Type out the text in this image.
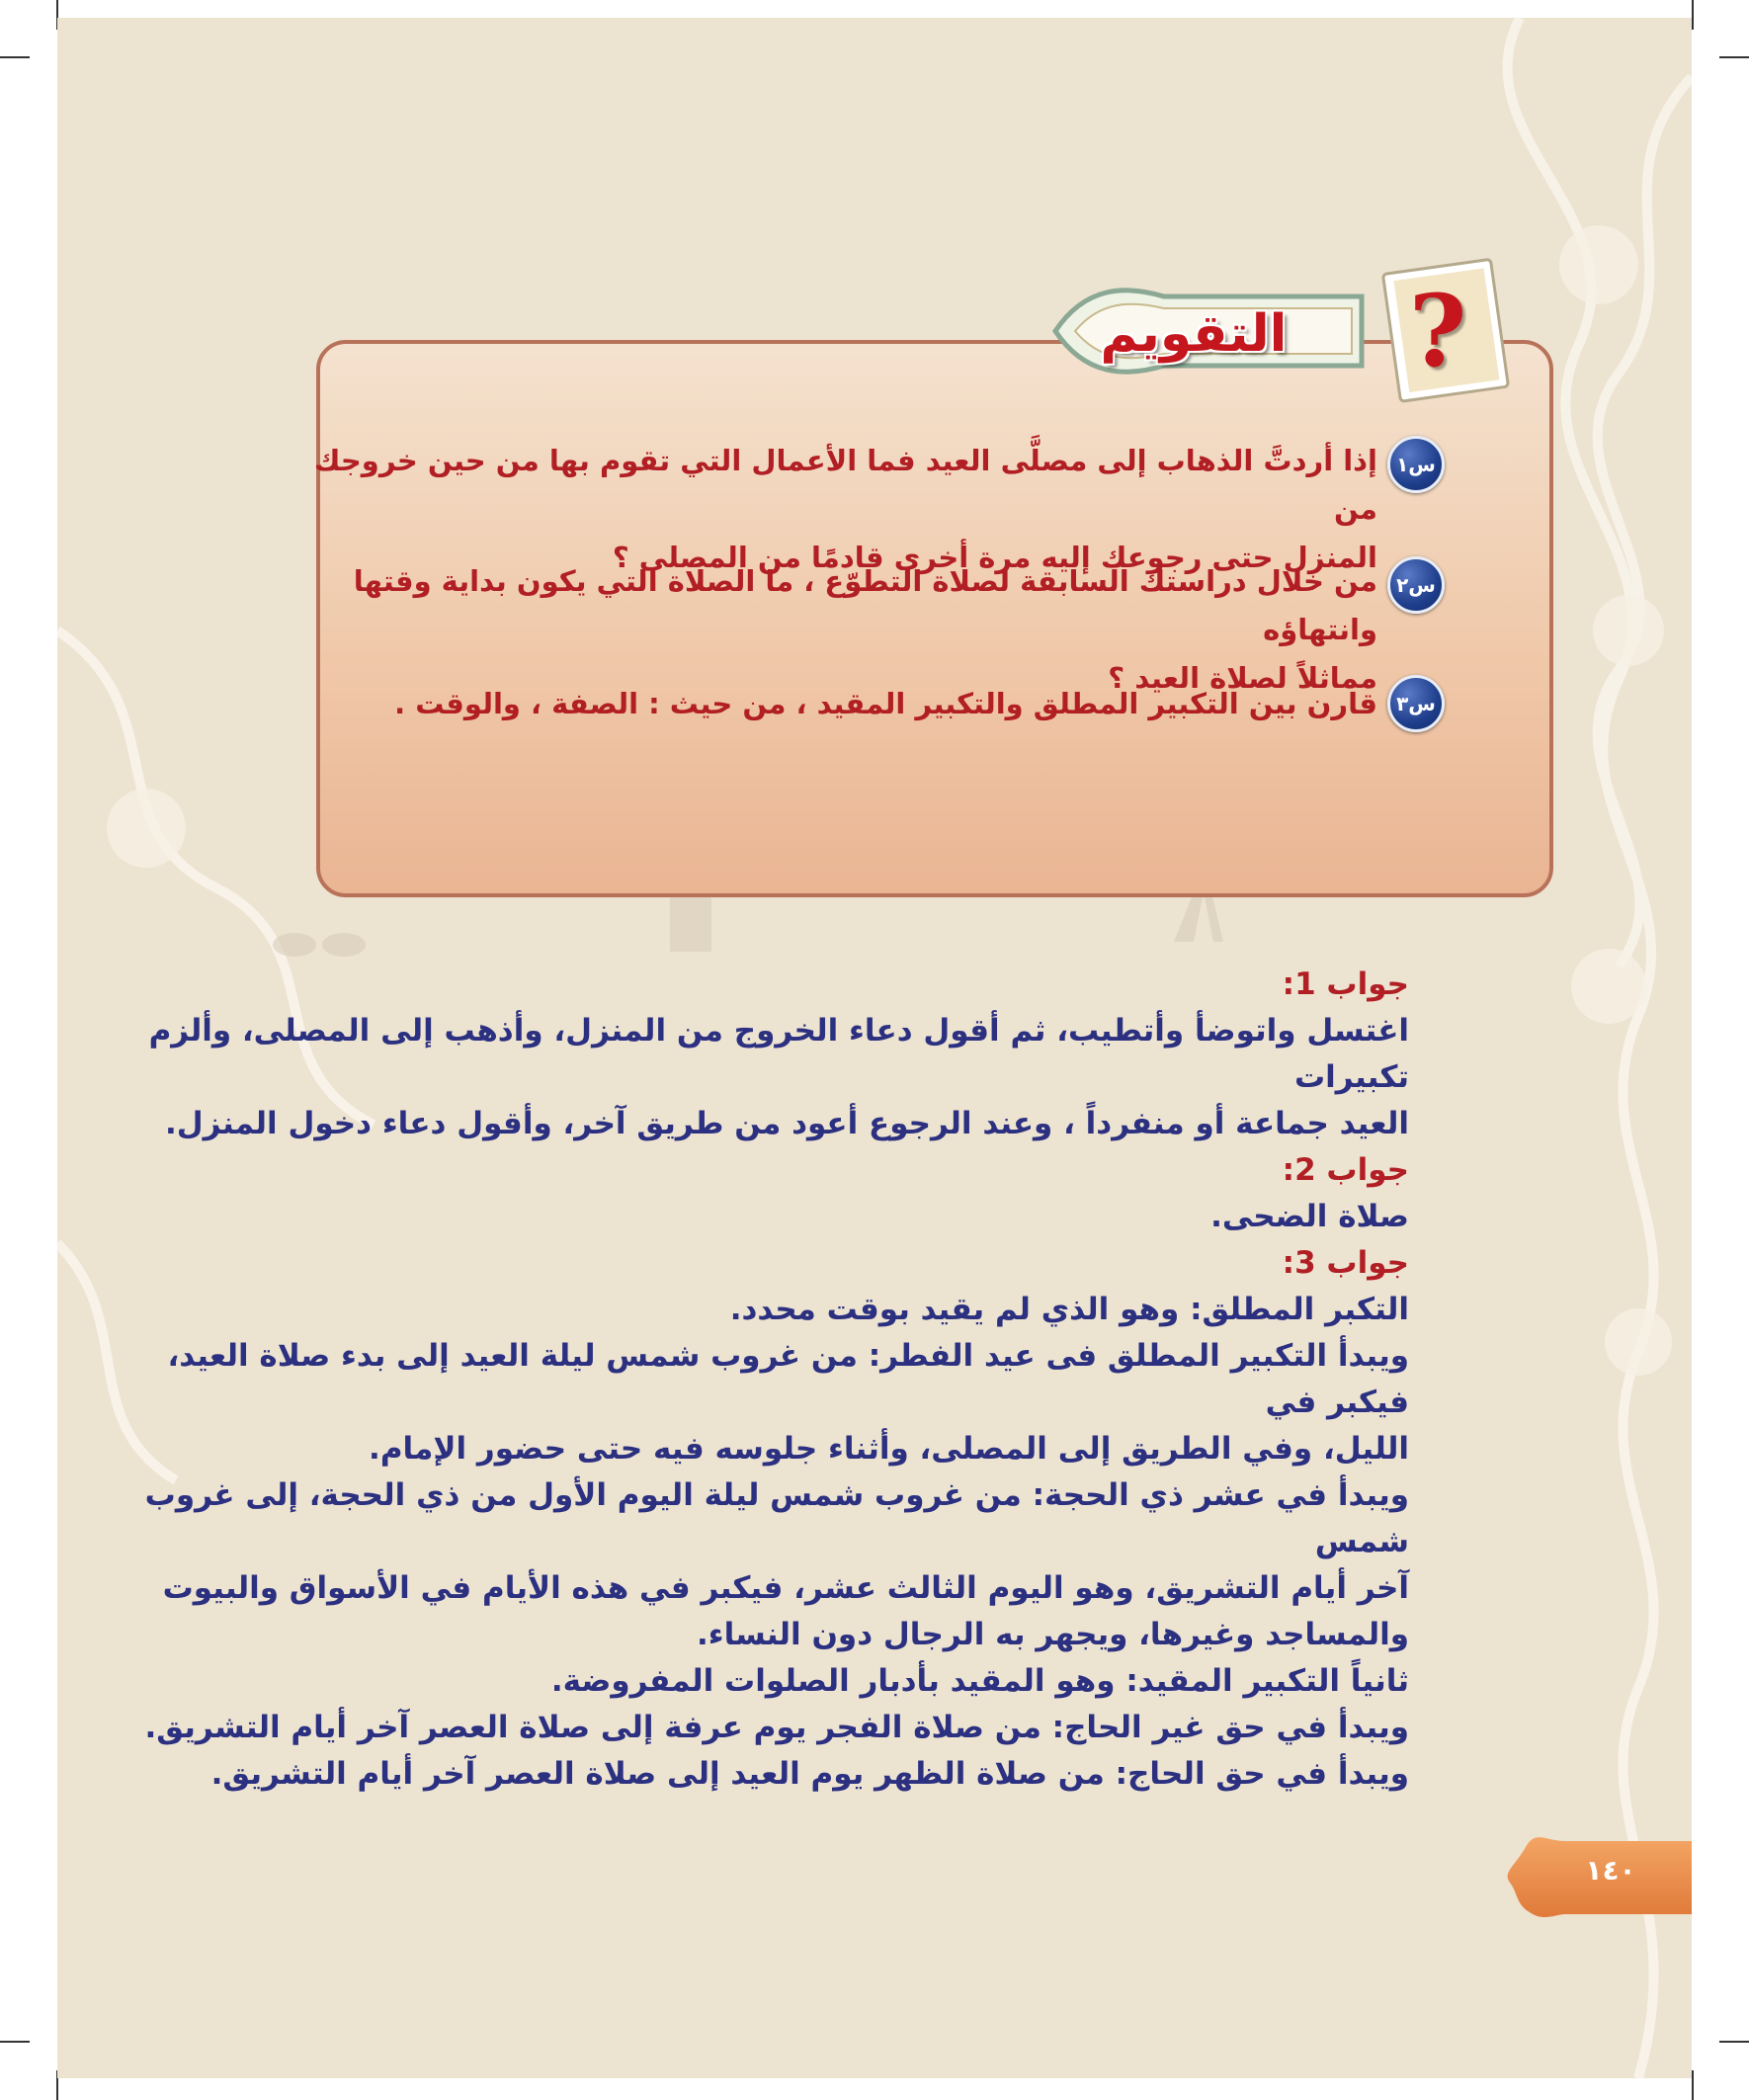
?
التقويم
س١
إذا أردتَّ الذهاب إلى مصلَّى العيد فما الأعمال التي تقوم بها من حين خروجك من
المنزل حتى رجوعك إليه مرة أخرى قادمًا من المصلى ؟
س٢
من خلال دراستك السابقة لصلاة التطوّع ، ما الصلاة التي يكون بداية وقتها وانتهاؤه
مماثلاً لصلاة العيد ؟
س٣
قارن بين التكبير المطلق والتكبير المقيد ، من حيث : الصفة ، والوقت .

جواب 1:

اغتسل واتوضأ وأتطيب، ثم أقول دعاء الخروج من المنزل، وأذهب إلى المصلى، وألزم تكبيرات

العيد جماعة أو منفرداً ، وعند الرجوع أعود من طريق آخر، وأقول دعاء دخول المنزل.

جواب 2:

صلاة الضحى.

جواب 3:

التكبر المطلق: وهو الذي لم يقيد بوقت محدد.

ويبدأ التكبير المطلق فى عيد الفطر: من غروب شمس ليلة العيد إلى بدء صلاة العيد، فيكبر في

الليل، وفي الطريق إلى المصلى، وأثناء جلوسه فيه حتى حضور الإمام.

ويبدأ في عشر ذي الحجة: من غروب شمس ليلة اليوم الأول من ذي الحجة، إلى غروب شمس

آخر أيام التشريق، وهو اليوم الثالث عشر، فيكبر في هذه الأيام في الأسواق والبيوت

والمساجد وغيرها، ويجهر به الرجال دون النساء.

ثانياً التكبير المقيد: وهو المقيد بأدبار الصلوات المفروضة.

ويبدأ في حق غير الحاج: من صلاة الفجر يوم عرفة إلى صلاة العصر آخر أيام التشريق.

ويبدأ في حق الحاج: من صلاة الظهر يوم العيد إلى صلاة العصر آخر أيام التشريق.

١٤٠
